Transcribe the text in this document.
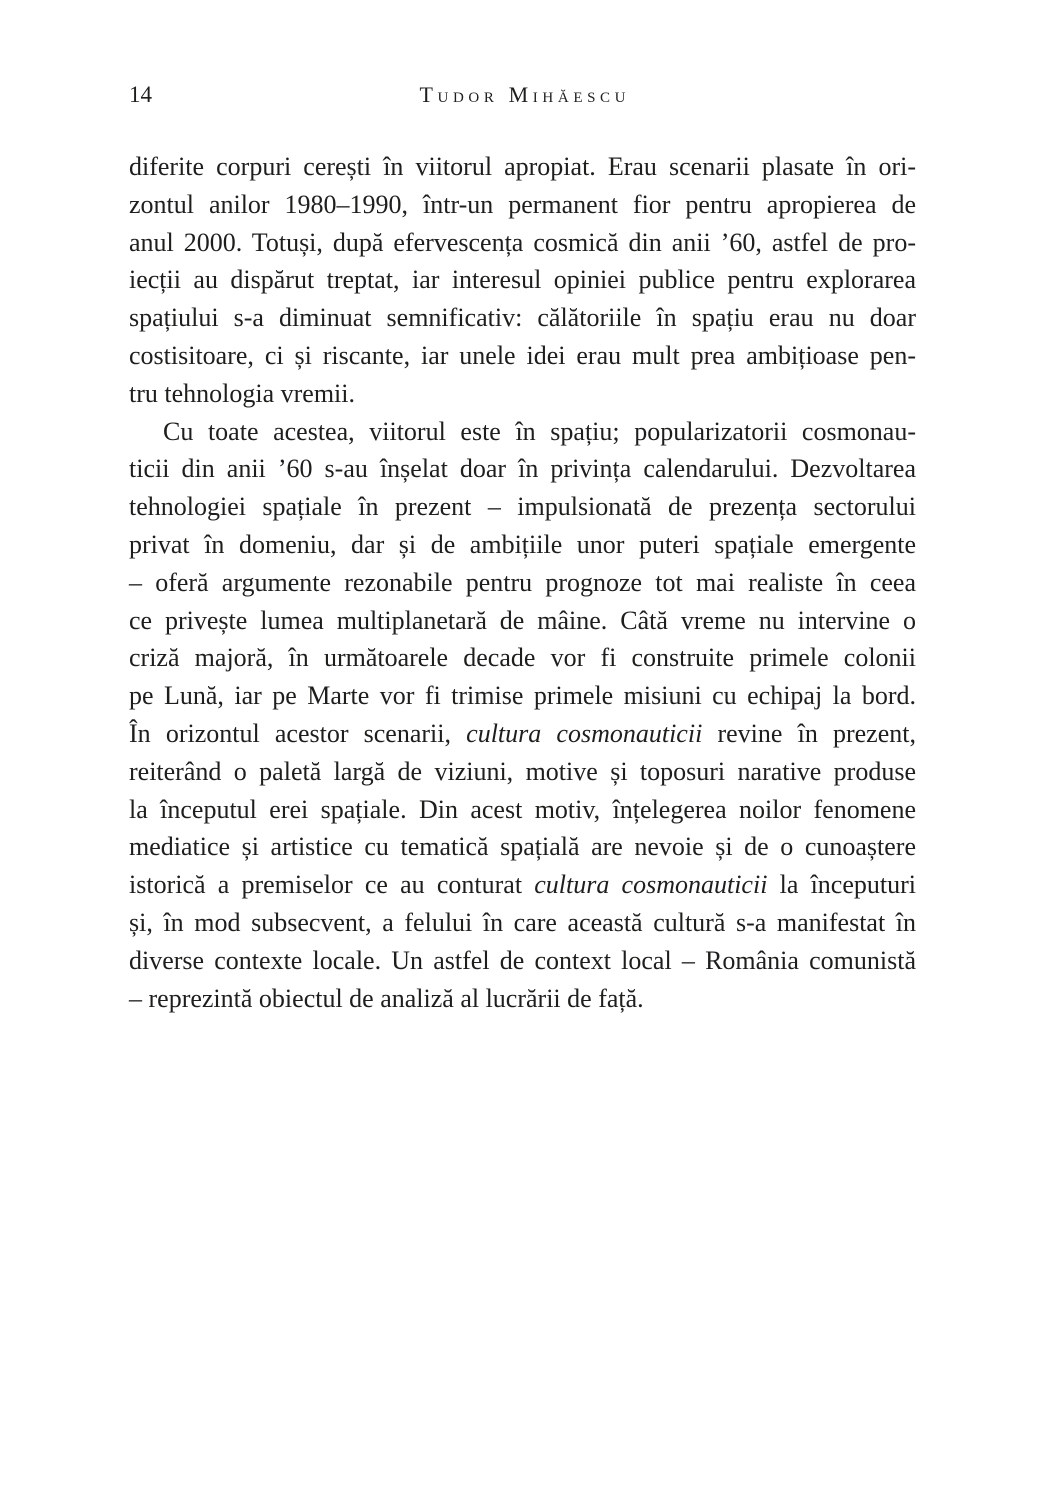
14	Tudor Mihăescu
diferite corpuri cerești în viitorul apropiat. Erau scenarii plasate în ori-
zontul anilor 1980–1990, într-un permanent fior pentru apropierea de
anul 2000. Totuși, după efervescența cosmică din anii ’60, astfel de pro-
iecții au dispărut treptat, iar interesul opiniei publice pentru explorarea
spațiului s-a diminuat semnificativ: călătoriile în spațiu erau nu doar
costisitoare, ci și riscante, iar unele idei erau mult prea ambițioase pen-
tru tehnologia vremii.
Cu toate acestea, viitorul este în spațiu; popularizatorii cosmonau-
ticii din anii ’60 s-au înșelat doar în privința calendarului. Dezvoltarea
tehnologiei spațiale în prezent – impulsionată de prezența sectorului
privat în domeniu, dar și de ambițiile unor puteri spațiale emergente
– oferă argumente rezonabile pentru prognoze tot mai realiste în ceea
ce privește lumea multiplanetară de mâine. Câtă vreme nu intervine o
criză majoră, în următoarele decade vor fi construite primele colonii
pe Lună, iar pe Marte vor fi trimise primele misiuni cu echipaj la bord.
În orizontul acestor scenarii, cultura cosmonauticii revine în prezent,
reiterând o paletă largă de viziuni, motive și toposuri narative produse
la începutul erei spațiale. Din acest motiv, înțelegerea noilor fenomene
mediatice și artistice cu tematică spațială are nevoie și de o cunoaștere
istorică a premiselor ce au conturat cultura cosmonauticii la începuturi
și, în mod subsecvent, a felului în care această cultură s-a manifestat în
diverse contexte locale. Un astfel de context local – România comunistă
– reprezintă obiectul de analiză al lucrării de față.
